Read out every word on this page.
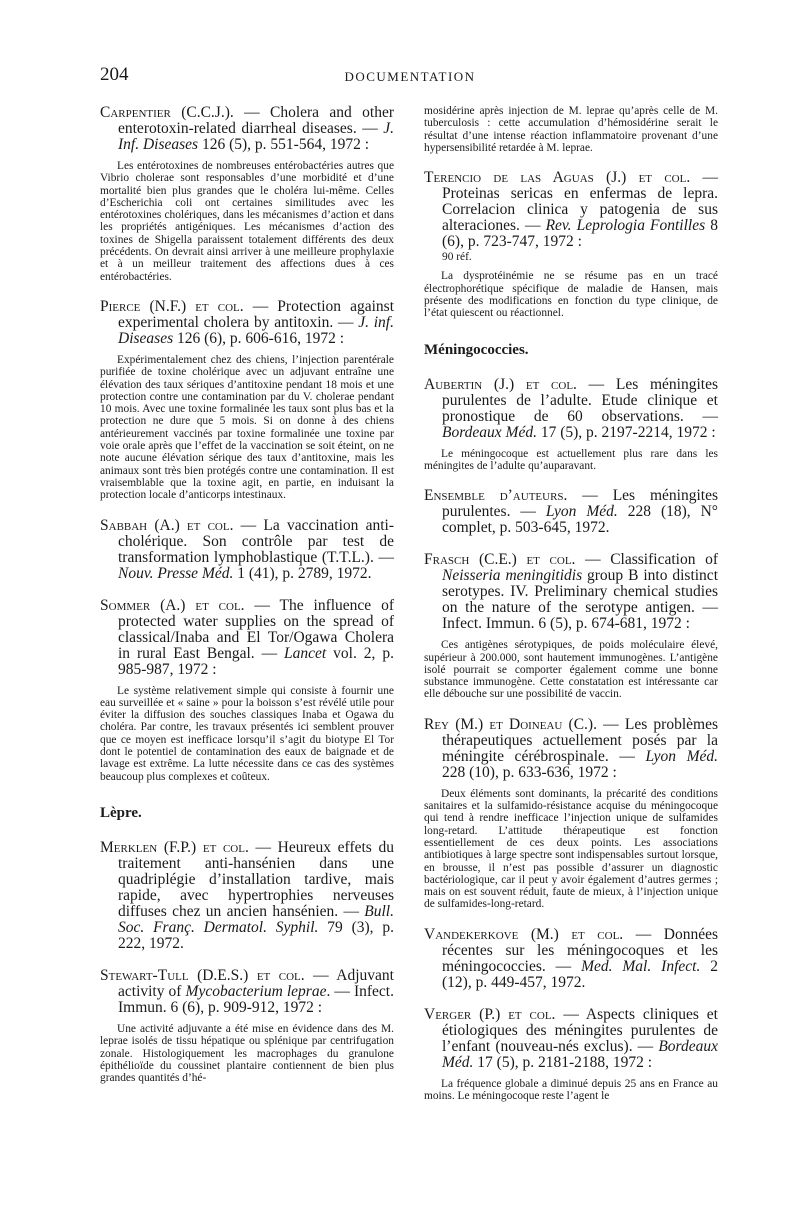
204	DOCUMENTATION

Carpentier (C.C.J.). — Cholera and other enterotoxin-related diarrheal diseases. — J. Inf. Diseases 126 (5), p. 551-564, 1972 :

Les entérotoxines de nombreuses entérobactéries autres que Vibrio cholerae sont responsables d’une morbidité et d’une mortalité bien plus grandes que le choléra lui-même. Celles d’Escherichia coli ont certaines similitudes avec les entérotoxines cholériques, dans les mécanismes d’action et dans les propriétés antigéniques. Les mécanismes d’action des toxines de Shigella paraissent totalement différents des deux précédents. On devrait ainsi arriver à une meilleure prophylaxie et à un meilleur traitement des affections dues à ces entérobactéries.

Pierce (N.F.) et col. — Protection against experimental cholera by antitoxin. — J. inf. Diseases 126 (6), p. 606-616, 1972 :

Expérimentalement chez des chiens, l’injection parentérale purifiée de toxine cholérique avec un adjuvant entraîne une élévation des taux sériques d’antitoxine pendant 18 mois et une protection contre une contamination par du V. cholerae pendant 10 mois. Avec une toxine formalinée les taux sont plus bas et la protection ne dure que 5 mois. Si on donne à des chiens antérieurement vaccinés par toxine formalinée une toxine par voie orale après que l’effet de la vaccination se soit éteint, on ne note aucune élévation sérique des taux d’antitoxine, mais les animaux sont très bien protégés contre une contamination. Il est vraisemblable que la toxine agit, en partie, en induisant la protection locale d’anticorps intestinaux.

Sabbah (A.) et col. — La vaccination anti-cholérique. Son contrôle par test de transformation lymphoblastique (T.T.L.). — Nouv. Presse Méd. 1 (41), p. 2789, 1972.

Sommer (A.) et col. — The influence of protected water supplies on the spread of classical/Inaba and El Tor/Ogawa Cholera in rural East Bengal. — Lancet vol. 2, p. 985-987, 1972 :

Le système relativement simple qui consiste à fournir une eau surveillée et « saine » pour la boisson s’est révélé utile pour éviter la diffusion des souches classiques Inaba et Ogawa du choléra. Par contre, les travaux présentés ici semblent prouver que ce moyen est inefficace lorsqu’il s’agit du biotype El Tor dont le potentiel de contamination des eaux de baignade et de lavage est extrême. La lutte nécessite dans ce cas des systèmes beaucoup plus complexes et coûteux.

Lèpre.

Merklen (F.P.) et col. — Heureux effets du traitement anti-hansénien dans une quadriplégie d’installation tardive, mais rapide, avec hypertrophies nerveuses diffuses chez un ancien hansénien. — Bull. Soc. Franç. Dermatol. Syphil. 79 (3), p. 222, 1972.

Stewart-Tull (D.E.S.) et col. — Adjuvant activity of Mycobacterium leprae. — Infect. Immun. 6 (6), p. 909-912, 1972 :

Une activité adjuvante a été mise en évidence dans des M. leprae isolés de tissu hépatique ou splénique par centrifugation zonale. Histologiquement les macrophages du granulone épithélioïde du coussinet plantaire contiennent de bien plus grandes quantités d’hé-

mosidérine après injection de M. leprae qu’après celle de M. tuberculosis : cette accumulation d’hémosidérine serait le résultat d’une intense réaction inflammatoire provenant d’une hypersensibilité retardée à M. leprae.

Terencio de las Aguas (J.) et col. — Proteinas sericas en enfermas de lepra. Correlacion clinica y patogenia de sus alteraciones. — Rev. Leprologia Fontilles 8 (6), p. 723-747, 1972 :

90 réf.

La dysprotéinémie ne se résume pas en un tracé électrophorétique spécifique de maladie de Hansen, mais présente des modifications en fonction du type clinique, de l’état quiescent ou réactionnel.

Méningococcies.

Aubertin (J.) et col. — Les méningites purulentes de l’adulte. Etude clinique et pronostique de 60 observations. — Bordeaux Méd. 17 (5), p. 2197-2214, 1972 :

Le méningocoque est actuellement plus rare dans les méningites de l’adulte qu’auparavant.

Ensemble d’auteurs. — Les méningites purulentes. — Lyon Méd. 228 (18), N° complet, p. 503-645, 1972.

Frasch (C.E.) et col. — Classification of Neisseria meningitidis group B into distinct serotypes. IV. Preliminary chemical studies on the nature of the serotype antigen. — Infect. Immun. 6 (5), p. 674-681, 1972 :

Ces antigènes sérotypiques, de poids moléculaire élevé, supérieur à 200.000, sont hautement immunogènes. L’antigène isolé pourrait se comporter également comme une bonne substance immunogène. Cette constatation est intéressante car elle débouche sur une possibilité de vaccin.

Rey (M.) et Doineau (C.). — Les problèmes thérapeutiques actuellement posés par la méningite cérébrospinale. — Lyon Méd. 228 (10), p. 633-636, 1972 :

Deux éléments sont dominants, la précarité des conditions sanitaires et la sulfamido-résistance acquise du méningocoque qui tend à rendre inefficace l’injection unique de sulfamides long-retard. L’attitude thérapeutique est fonction essentiellement de ces deux points. Les associations antibiotiques à large spectre sont indispensables surtout lorsque, en brousse, il n’est pas possible d’assurer un diagnostic bactériologique, car il peut y avoir également d’autres germes ; mais on est souvent réduit, faute de mieux, à l’injection unique de sulfamides-long-retard.

Vandekerkove (M.) et col. — Données récentes sur les méningocoques et les méningococcies. — Med. Mal. Infect. 2 (12), p. 449-457, 1972.

Verger (P.) et col. — Aspects cliniques et étiologiques des méningites purulentes de l’enfant (nouveau-nés exclus). — Bordeaux Méd. 17 (5), p. 2181-2188, 1972 :

La fréquence globale a diminué depuis 25 ans en France au moins. Le méningocoque reste l’agent le
